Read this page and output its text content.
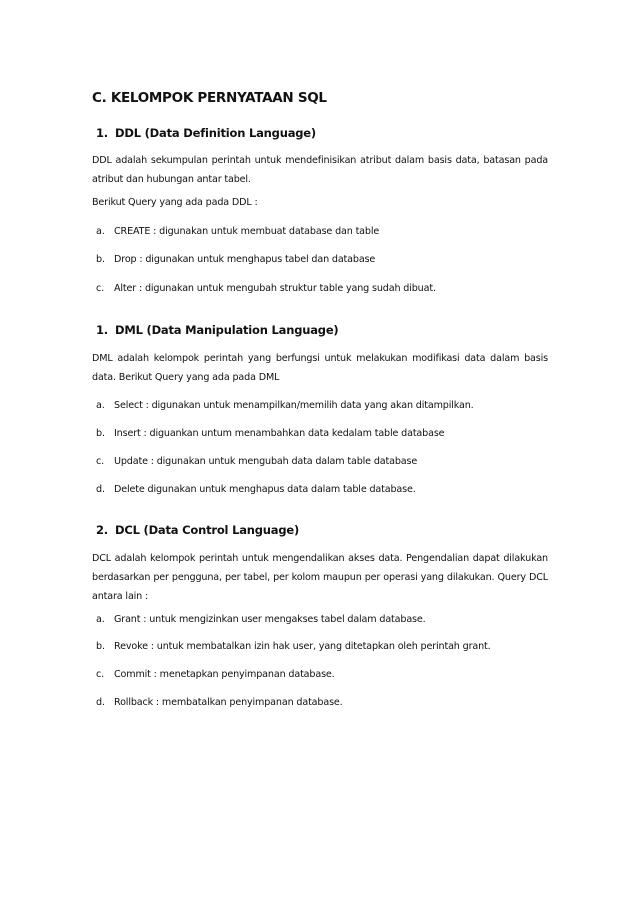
C. KELOMPOK PERNYATAAN SQL
1. DDL (Data Definition Language)
DDL adalah sekumpulan perintah untuk mendefinisikan atribut dalam basis data, batasan pada atribut dan hubungan antar tabel.
Berikut Query yang ada pada DDL :
a. CREATE : digunakan untuk membuat database dan table
b. Drop : digunakan untuk menghapus tabel dan database
c. Alter : digunakan untuk mengubah struktur table yang sudah dibuat.
1. DML (Data Manipulation Language)
DML adalah kelompok perintah yang berfungsi untuk melakukan modifikasi data dalam basis data. Berikut Query yang ada pada DML
a. Select : digunakan untuk menampilkan/memilih data yang akan ditampilkan.
b. Insert : diguankan untum menambahkan data kedalam table database
c. Update : digunakan untuk mengubah data dalam table database
d. Delete digunakan untuk menghapus data dalam table database.
2. DCL (Data Control Language)
DCL adalah kelompok perintah untuk mengendalikan akses data. Pengendalian dapat dilakukan berdasarkan per pengguna, per tabel, per kolom maupun per operasi yang dilakukan. Query DCL antara lain :
a. Grant : untuk mengizinkan user mengakses tabel dalam database.
b. Revoke : untuk membatalkan izin hak user, yang ditetapkan oleh perintah grant.
c. Commit : menetapkan penyimpanan database.
d. Rollback : membatalkan penyimpanan database.
